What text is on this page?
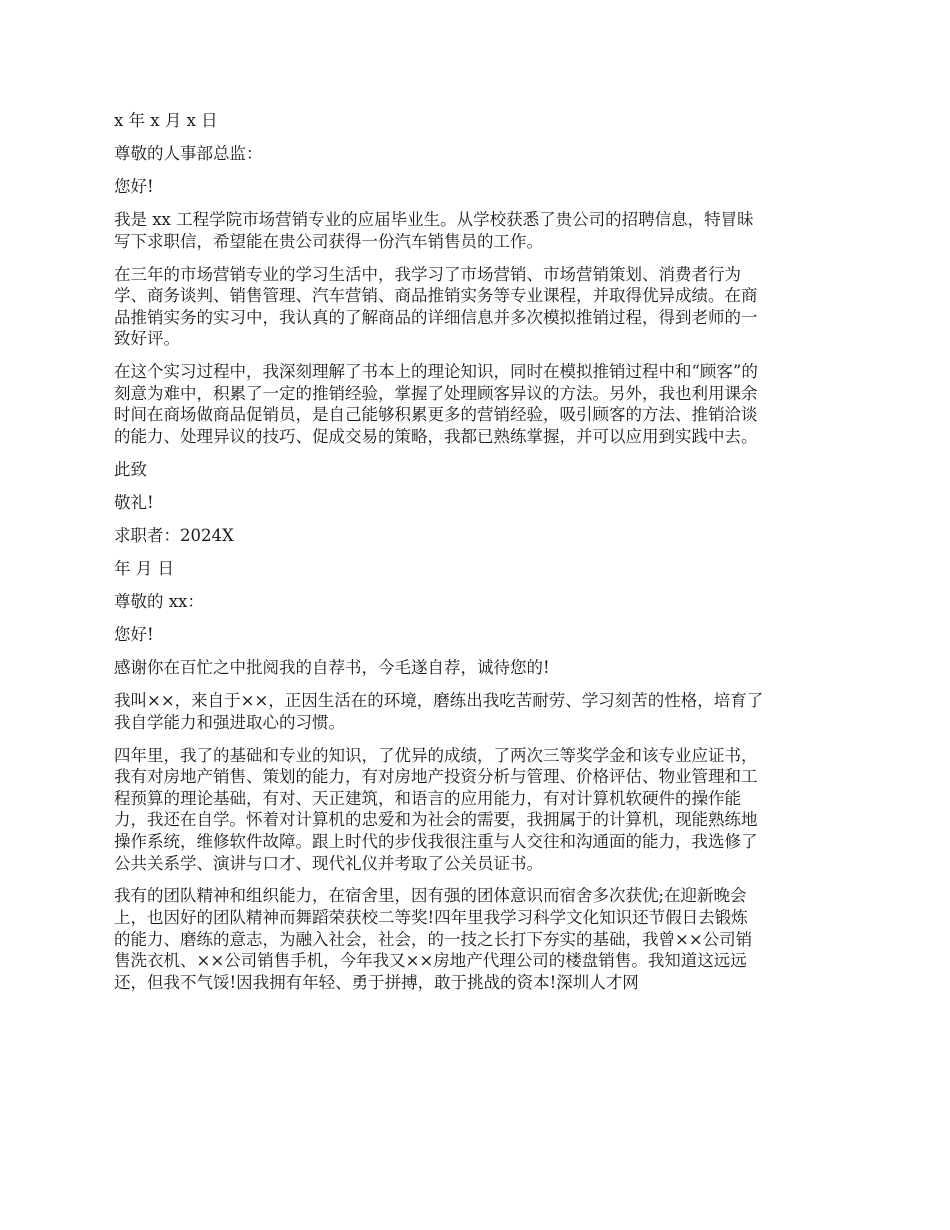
x 年 x 月 x 日

尊敬的人事部总监：

您好!

我是 xx 工程学院市场营销专业的应届毕业生。从学校获悉了贵公司的招聘信息，特冒昧
写下求职信，希望能在贵公司获得一份汽车销售员的工作。

在三年的市场营销专业的学习生活中，我学习了市场营销、市场营销策划、消费者行为
学、商务谈判、销售管理、汽车营销、商品推销实务等专业课程，并取得优异成绩。在商
品推销实务的实习中，我认真的了解商品的详细信息并多次模拟推销过程，得到老师的一
致好评。

在这个实习过程中，我深刻理解了书本上的理论知识，同时在模拟推销过程中和“顾客”的
刻意为难中，积累了一定的推销经验，掌握了处理顾客异议的方法。另外，我也利用课余
时间在商场做商品促销员，是自己能够积累更多的营销经验，吸引顾客的方法、推销洽谈
的能力、处理异议的技巧、促成交易的策略，我都已熟练掌握，并可以应用到实践中去。

此致

敬礼!

求职者：2024X

年 月 日

尊敬的 xx：

您好!

感谢你在百忙之中批阅我的自荐书，今毛遂自荐，诚待您的!

我叫××，来自于××，正因生活在的环境，磨练出我吃苦耐劳、学习刻苦的性格，培育了
我自学能力和强进取心的习惯。

四年里，我了的基础和专业的知识，了优异的成绩，了两次三等奖学金和该专业应证书，
我有对房地产销售、策划的能力，有对房地产投资分析与管理、价格评估、物业管理和工
程预算的理论基础，有对、天正建筑，和语言的应用能力，有对计算机软硬件的操作能
力，我还在自学。怀着对计算机的忠爱和为社会的需要，我拥属于的计算机，现能熟练地
操作系统，维修软件故障。跟上时代的步伐我很注重与人交往和沟通面的能力，我选修了
公共关系学、演讲与口才、现代礼仪并考取了公关员证书。

我有的团队精神和组织能力，在宿舍里，因有强的团体意识而宿舍多次获优;在迎新晚会
上，也因好的团队精神而舞蹈荣获校二等奖!四年里我学习科学文化知识还节假日去锻炼
的能力、磨练的意志，为融入社会，社会，的一技之长打下夯实的基础，我曾××公司销
售洗衣机、××公司销售手机，今年我又××房地产代理公司的楼盘销售。我知道这远远
还，但我不气馁!因我拥有年轻、勇于拼搏，敢于挑战的资本!深圳人才网
